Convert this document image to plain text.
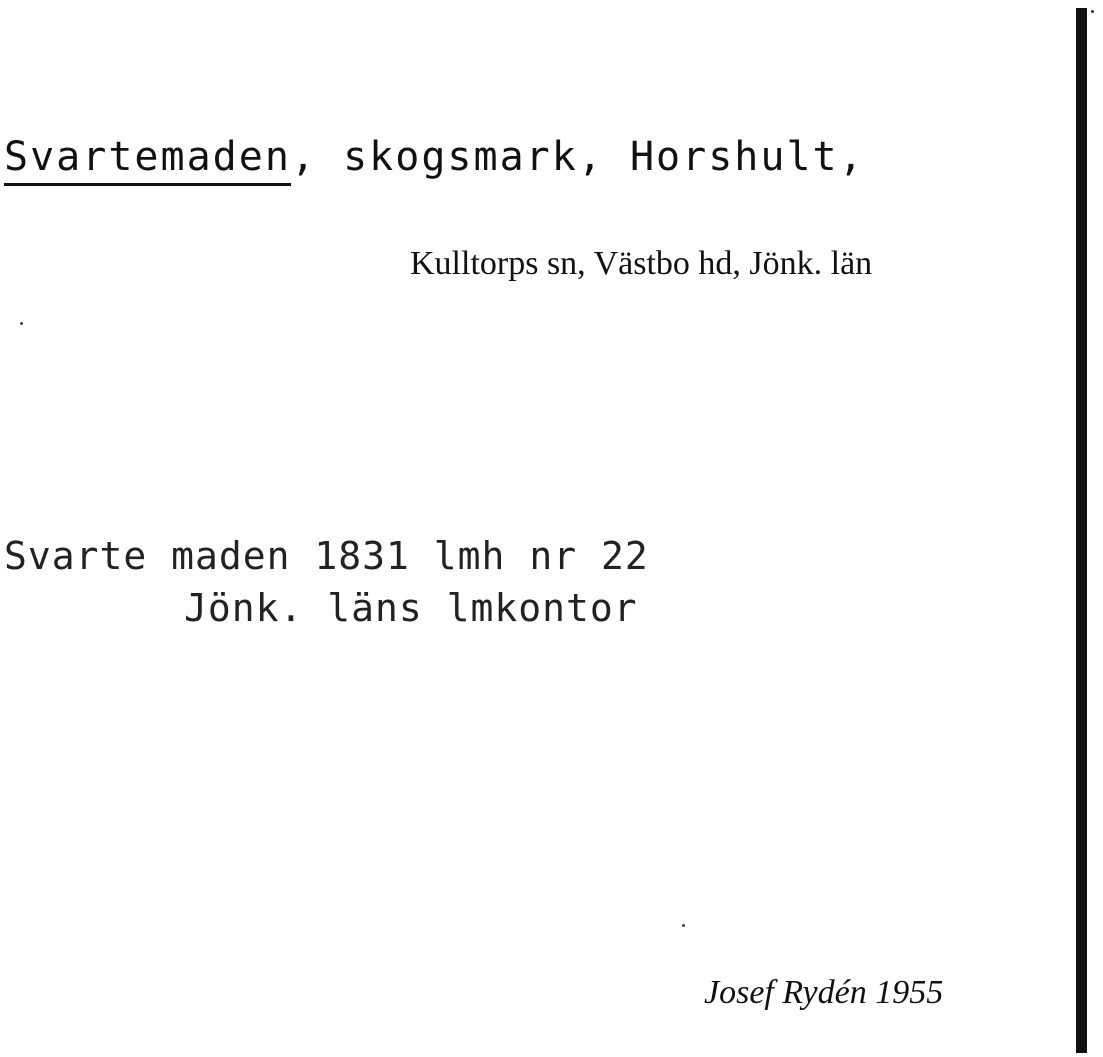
Svartemaden, skogsmark, Horshult,

Kulltorps sn, Västbo hd, Jönk. län

Svarte maden 1831 lmh nr 22

Jönk. läns lmkontor

Josef Rydén 1955
